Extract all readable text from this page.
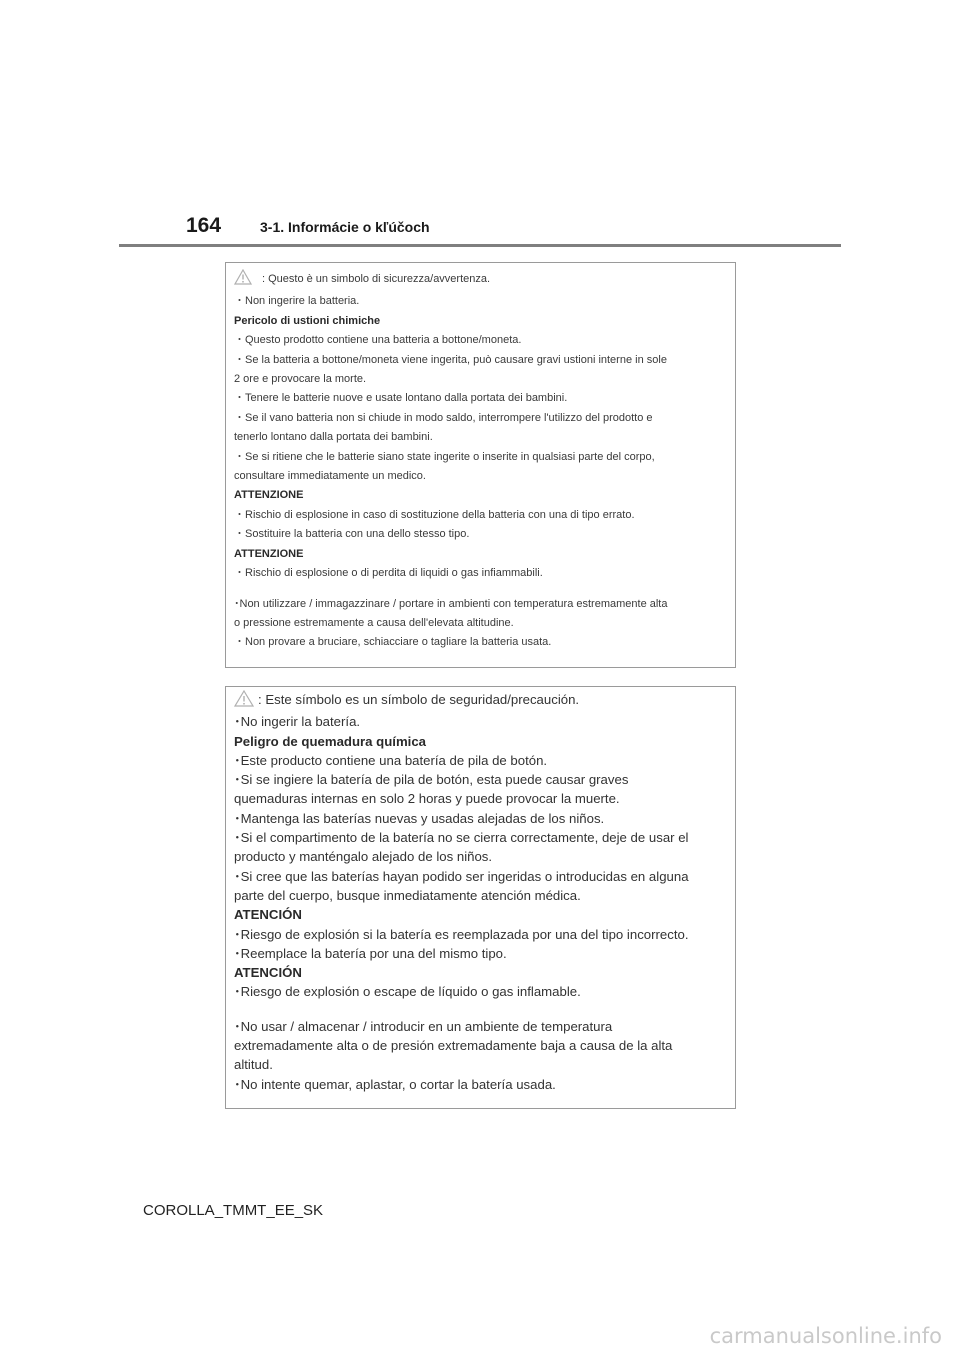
164	3-1. Informácie o kľúčoch
: Questo è un simbolo di sicurezza/avvertenza.
・Non ingerire la batteria.
Pericolo di ustioni chimiche
・Questo prodotto contiene una batteria a bottone/moneta.
・Se la batteria a bottone/moneta viene ingerita, può causare gravi ustioni interne in sole
2 ore e provocare la morte.
・Tenere le batterie nuove e usate lontano dalla portata dei bambini.
・Se il vano batteria non si chiude in modo saldo, interrompere l'utilizzo del prodotto e
tenerlo lontano dalla portata dei bambini.
・Se si ritiene che le batterie siano state ingerite o inserite in qualsiasi parte del corpo,
consultare immediatamente un medico.
ATTENZIONE
・Rischio di esplosione in caso di sostituzione della batteria con una di tipo errato.
・Sostituire la batteria con una dello stesso tipo.
ATTENZIONE
・Rischio di esplosione o di perdita di liquidi o gas infiammabili.
･Non utilizzare / immagazzinare / portare in ambienti con temperatura estremamente alta
o pressione estremamente a causa dell'elevata altitudine.
・Non provare a bruciare, schiacciare o tagliare la batteria usata.
: Este símbolo es un símbolo de seguridad/precaución.
･No ingerir la batería.
Peligro de quemadura química
･Este producto contiene una batería de pila de botón.
･Si se ingiere la batería de pila de botón, esta puede causar graves
quemaduras internas en solo 2 horas y puede provocar la muerte.
･Mantenga las baterías nuevas y usadas alejadas de los niños.
･Si el compartimento de la batería no se cierra correctamente, deje de usar el
producto y manténgalo alejado de los niños.
･Si cree que las baterías hayan podido ser ingeridas o introducidas en alguna
parte del cuerpo, busque inmediatamente atención médica.
ATENCIÓN
･Riesgo de explosión si la batería es reemplazada por una del tipo incorrecto.
･Reemplace la batería por una del mismo tipo.
ATENCIÓN
･Riesgo de explosión o escape de líquido o gas inflamable.
･No usar / almacenar / introducir en un ambiente de temperatura
extremadamente alta o de presión extremadamente baja a causa de la alta
altitud.
･No intente quemar, aplastar, o cortar la batería usada.
COROLLA_TMMT_EE_SK
carmanualsonline.info
